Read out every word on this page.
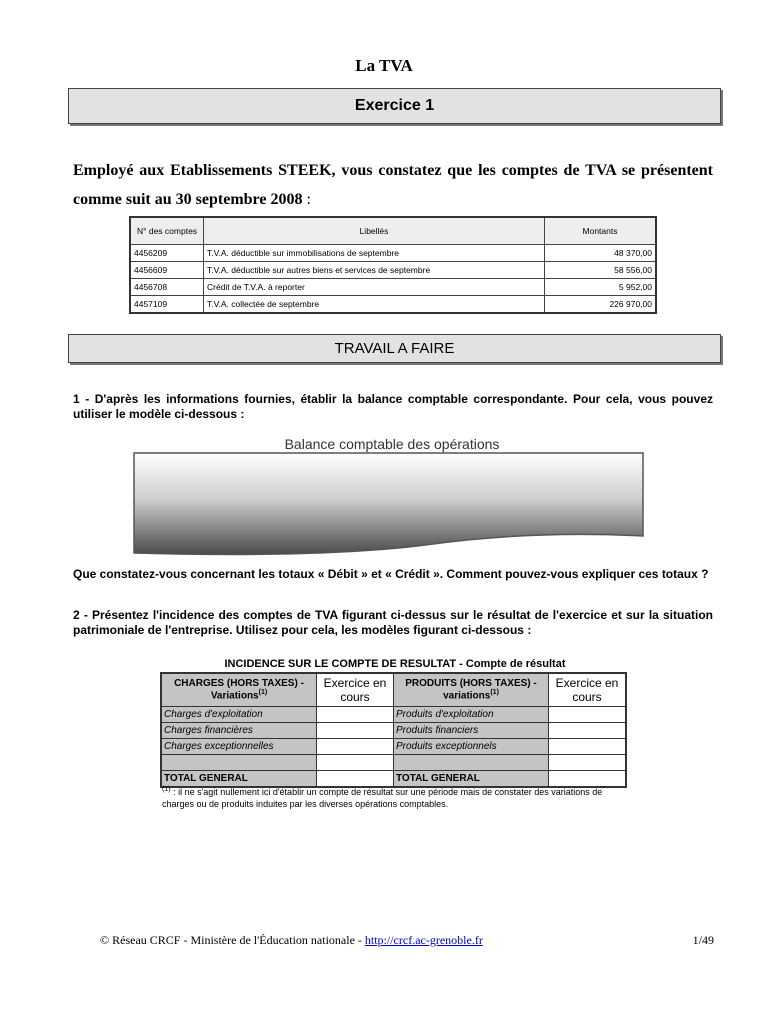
La TVA
Exercice 1
Employé aux Etablissements STEEK, vous constatez que les comptes de TVA se présentent comme suit au 30 septembre 2008 :
N° des comptes	Libellés	Montants
4456209	T.V.A. déductible sur immobilisations de septembre	48 370,00
4456609	T.V.A. déductible sur autres biens et services de septembre	58 556,00
4456708	Crédit de T.V.A. à reporter	5 952,00
4457109	T.V.A. collectée de septembre	226 970,00
TRAVAIL A FAIRE
1 - D'après les informations fournies, établir la balance comptable correspondante. Pour cela, vous pouvez utiliser le modèle ci-dessous :
Balance comptable des opérations
Que constatez-vous concernant les totaux « Débit » et « Crédit ». Comment pouvez-vous expliquer ces totaux ?
2 - Présentez l'incidence des comptes de TVA figurant ci-dessus sur le résultat de l'exercice et sur la situation patrimoniale de l'entreprise. Utilisez pour cela, les modèles figurant ci-dessous :
INCIDENCE SUR LE COMPTE DE RESULTAT - Compte de résultat
CHARGES (HORS TAXES) - Variations$^{(1)}$	Exercice en cours	PRODUITS (HORS TAXES) - variations$^{(1)}$	Exercice en cours
Charges d'exploitation		Produits d'exploitation	
Charges financières		Produits financiers	
Charges exceptionnelles		Produits exceptionnels	

TOTAL GENERAL		TOTAL GENERAL	
$^{(1)}$ : il ne s'agit nullement ici d'établir un compte de résultat sur une période mais de constater des variations de charges ou de produits induites par les diverses opérations comptables.
© Réseau CRCF - Ministère de l'Éducation nationale - http://crcf.ac-grenoble.fr	1/49
